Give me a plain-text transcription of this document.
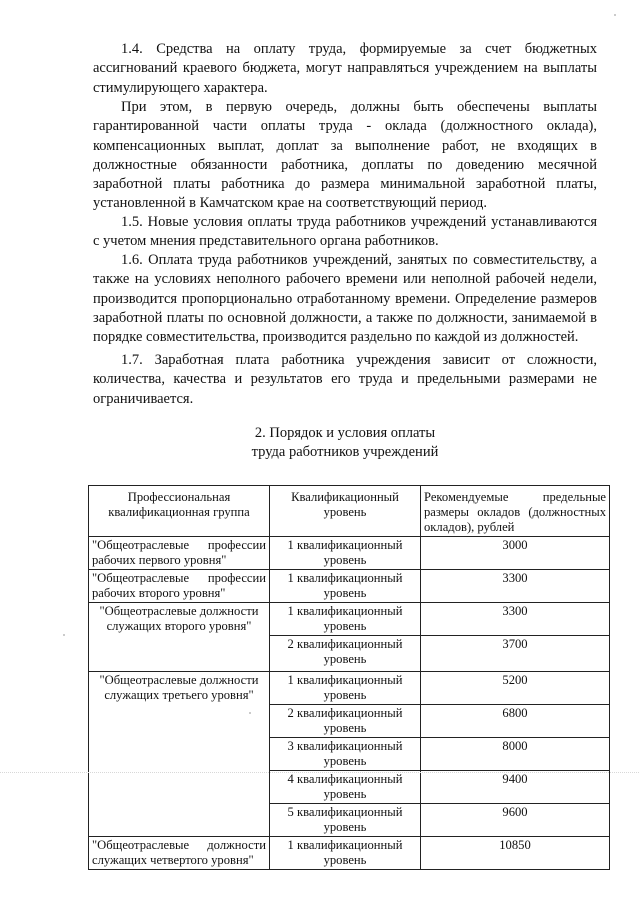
1.4. Средства на оплату труда, формируемые за счет бюджетных ассигнований краевого бюджета, могут направляться учреждением на выплаты стимулирующего характера.

При этом, в первую очередь, должны быть обеспечены выплаты гарантированной части оплаты труда - оклада (должностного оклада), компенсационных выплат, доплат за выполнение работ, не входящих в должностные обязанности работника, доплаты по доведению месячной заработной платы работника до размера минимальной заработной платы, установленной в Камчатском крае на соответствующий период.

1.5. Новые условия оплаты труда работников учреждений устанавливаются с учетом мнения представительного органа работников.

1.6. Оплата труда работников учреждений, занятых по совместительству, а также на условиях неполного рабочего времени или неполной рабочей недели, производится пропорционально отработанному времени. Определение размеров заработной платы по основной должности, а также по должности, занимаемой в порядке совместительства, производится раздельно по каждой из должностей.

1.7. Заработная плата работника учреждения зависит от сложности, количества, качества и результатов его труда и предельными размерами не ограничивается.

2. Порядок и условия оплаты

труда работников учреждений

Профессиональная квалификационная группа	Квалификационный уровень	Рекомендуемые предельные размеры окладов (должностных окладов), рублей
"Общеотраслевые профессии рабочих первого уровня"	1 квалификационный уровень	3000
"Общеотраслевые профессии рабочих второго уровня"	1 квалификационный уровень	3300
"Общеотраслевые должности служащих второго уровня"	1 квалификационный уровень	3300
	2 квалификационный уровень	3700
"Общеотраслевые должности служащих третьего уровня"	1 квалификационный уровень	5200
	2 квалификационный уровень	6800
	3 квалификационный уровень	8000
	4 квалификационный уровень	9400
	5 квалификационный уровень	9600
"Общеотраслевые должности служащих четвертого уровня"	1 квалификационный уровень	10850
